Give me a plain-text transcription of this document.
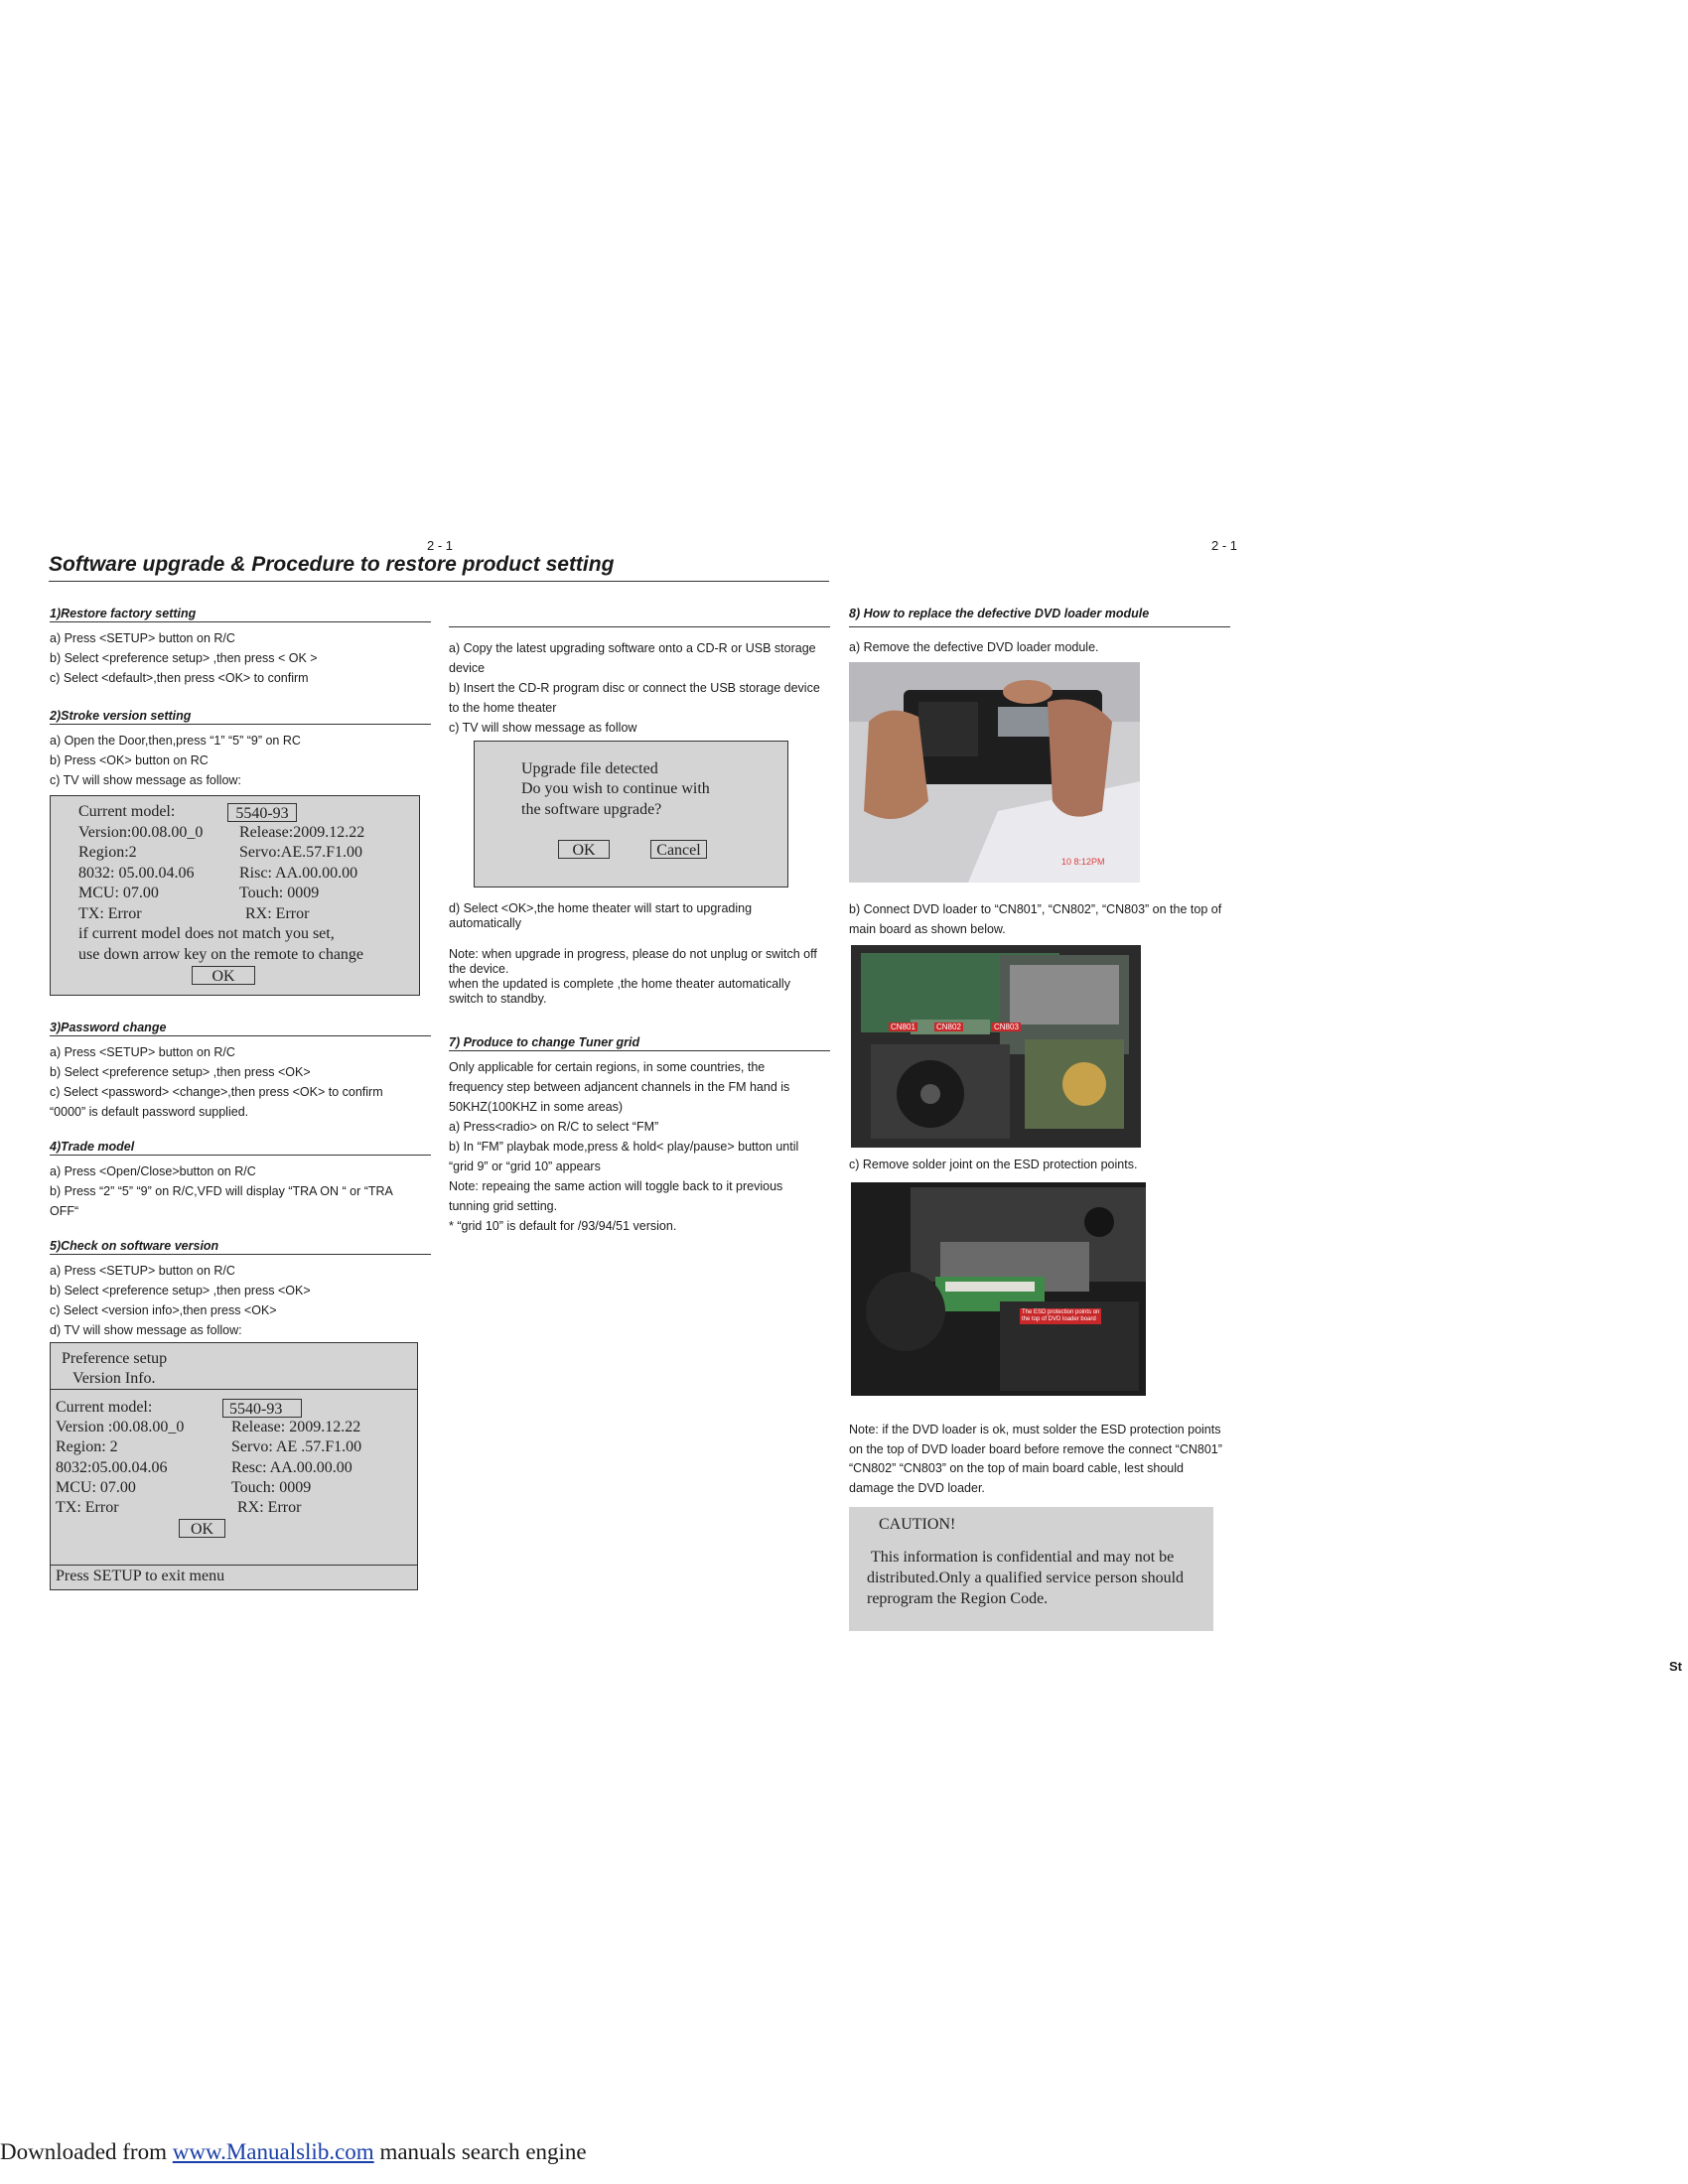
2 - 1	2 - 1
Software upgrade & Procedure to restore product setting
1)Restore factory setting
a) Press <SETUP> button on R/C
b) Select <preference setup> ,then press < OK >
c) Select <default>,then press <OK> to confirm
2)Stroke version setting
a) Open the Door,then,press “1” “5” “9” on RC
b) Press <OK> button on RC
c) TV will show message as follow:
Current model:	5540-93
Version:00.08.00_0 Release:2009.12.22
Region:2	Servo:AE.57.F1.00
8032: 05.00.04.06	Risc: AA.00.00.00
MCU: 07.00	Touch: 0009
TX: Error	RX: Error
if current model does not match you set,
use down arrow key on the remote to change
OK
3)Password change
a) Press <SETUP> button on R/C
b) Select <preference setup> ,then press <OK>
c) Select <password> <change>,then press <OK> to confirm
“0000” is default password supplied.
4)Trade model
a) Press <Open/Close>button on R/C
b) Press “2” “5” “9” on R/C,VFD will display “TRA ON “ or “TRA
OFF“
5)Check on software version
a) Press <SETUP> button on R/C
b) Select <preference setup> ,then press <OK>
c) Select <version info>,then press <OK>
d) TV will show message as follow:
Preference setup
Version Info.
Current model:	5540-93
Version :00.08.00_0	Release: 2009.12.22
Region: 2	Servo: AE .57.F1.00
8032:05.00.04.06	Resc: AA.00.00.00
MCU: 07.00	Touch: 0009
TX: Error	RX: Error
OK
Press SETUP to exit menu
a) Copy the latest upgrading software onto a CD-R or USB storage
device
b) Insert the CD-R program disc or connect the USB storage device
to the home theater
c) TV will show message as follow
Upgrade file detected
Do you wish to continue with
the software upgrade?
OK	Cancel
d) Select <OK>,the home theater will start to upgrading
automatically
Note: when upgrade in progress, please do not unplug or switch off
the device.
when the updated is complete ,the home theater automatically
switch to standby.
7) Produce to change Tuner grid
Only applicable for certain regions, in some countries, the
frequency step between adjancent channels in the FM hand is
50KHZ(100KHZ in some areas)
a) Press<radio> on R/C to select “FM”
b) In “FM” playbak mode,press & hold< play/pause> button until
“grid 9” or “grid 10” appears
Note: repeaing the same action will toggle back to it previous
tunning grid setting.
* “grid 10” is default for /93/94/51 version.
8) How to replace the defective DVD loader module
a) Remove the defective DVD loader module.
10 8:12PM
b) Connect DVD loader to “CN801”, “CN802”, “CN803” on the top of
main board as shown below.
CN801	CN802	CN803
c) Remove solder joint on the ESD protection points.
The ESD protection points on
the top of DVD loader board
Note: if the DVD loader is ok, must solder the ESD protection points
on the top of DVD loader board before remove the connect “CN801”
“CN802” “CN803” on the top of main board cable, lest should
damage the DVD loader.
CAUTION!
This information is confidential and may not be
distributed.Only a qualified service person should
reprogram the Region Code.
St
Downloaded from www.Manualslib.com manuals search engine
